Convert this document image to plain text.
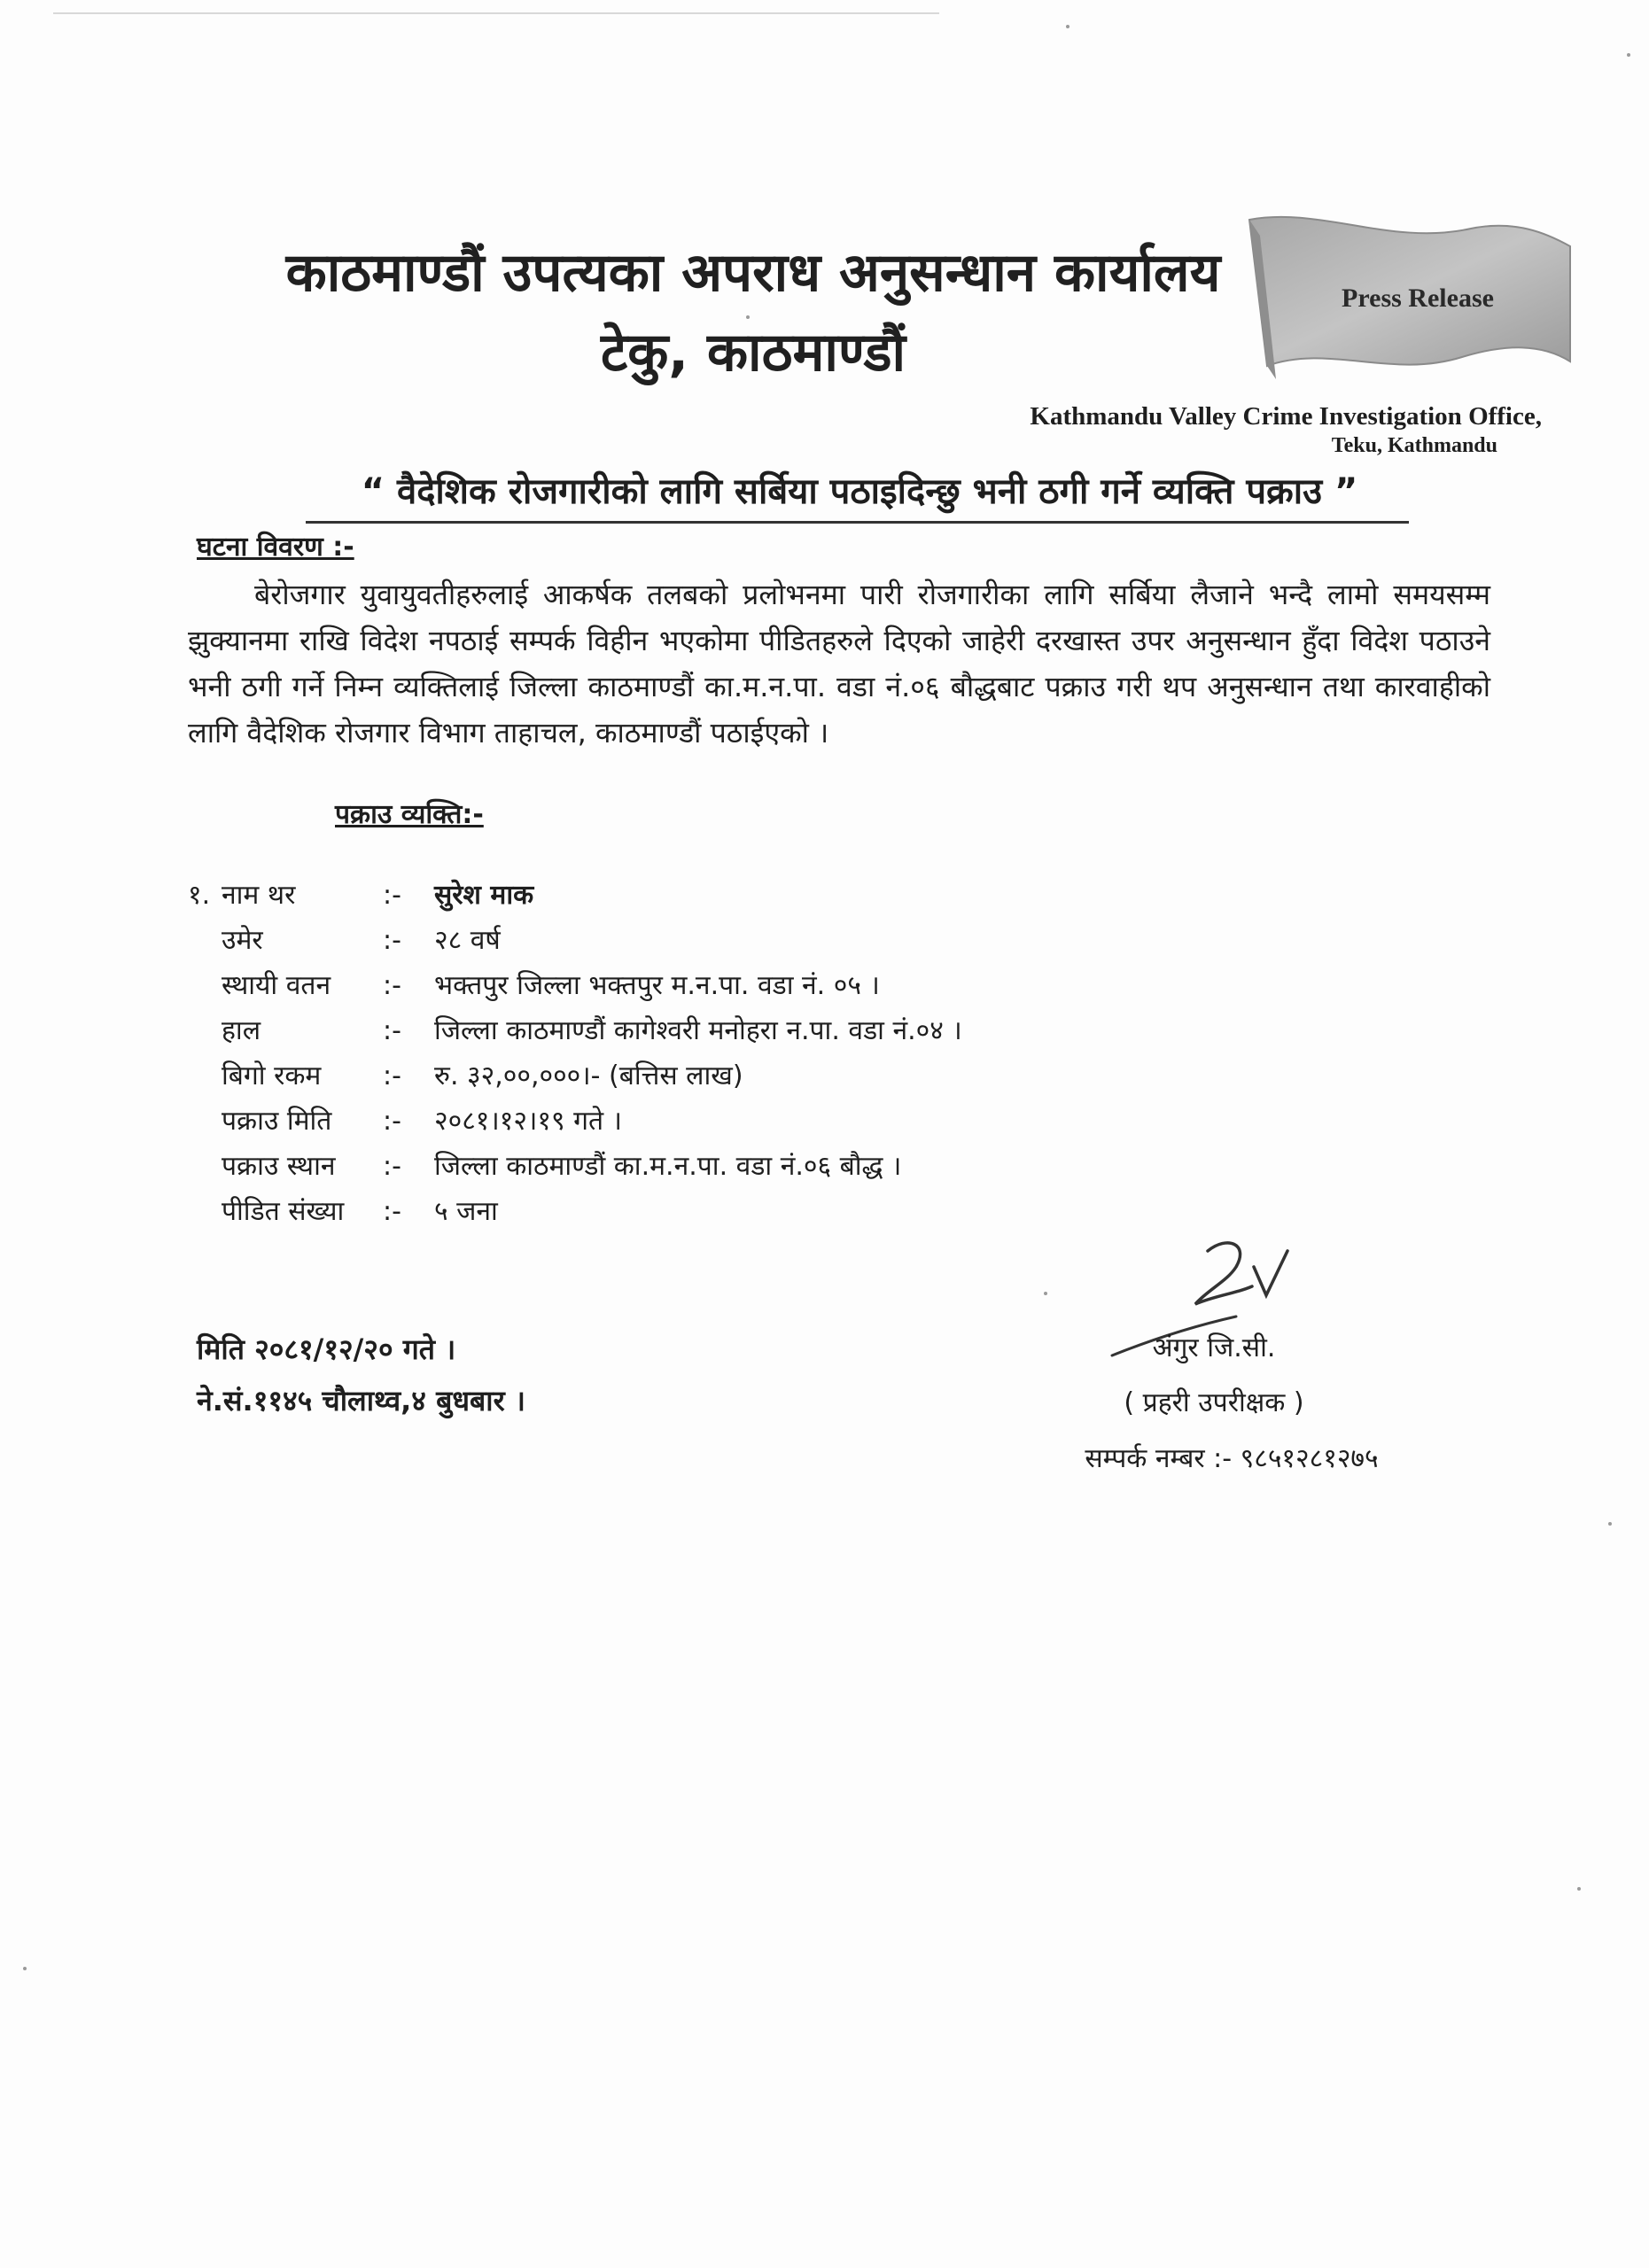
काठमाण्डौं उपत्यका अपराध अनुसन्धान कार्यालय
टेकु, काठमाण्डौं
Press Release
Kathmandu Valley Crime Investigation Office,
Teku, Kathmandu
“ वैदेशिक रोजगारीको लागि सर्बिया पठाइदिन्छु भनी ठगी गर्ने व्यक्ति पक्राउ ”
घटना विवरण :-
बेरोजगार युवायुवतीहरुलाई आकर्षक तलबको प्रलोभनमा पारी रोजगारीका लागि सर्बिया लैजाने भन्दै लामो समयसम्म झुक्यानमा राखि विदेश नपठाई सम्पर्क विहीन भएकोमा पीडितहरुले दिएको जाहेरी दरखास्त उपर अनुसन्धान हुँदा विदेश पठाउने भनी ठगी गर्ने निम्न व्यक्तिलाई जिल्ला काठमाण्डौं का.म.न.पा. वडा नं.०६ बौद्धबाट पक्राउ गरी थप अनुसन्धान तथा कारवाहीको लागि वैदेशिक रोजगार विभाग ताहाचल, काठमाण्डौं पठाईएको ।
पक्राउ व्यक्ति:-
१. नाम थर	:-	सुरेश माक
उमेर	:-	२८ वर्ष
स्थायी वतन	:-	भक्तपुर जिल्ला भक्तपुर म.न.पा. वडा नं. ०५ ।
हाल	:-	जिल्ला काठमाण्डौं कागेश्वरी मनोहरा न.पा. वडा नं.०४ ।
बिगो रकम	:-	रु. ३२,००,०००।- (बत्तिस लाख)
पक्राउ मिति	:-	२०८१।१२।१९ गते ।
पक्राउ स्थान	:-	जिल्ला काठमाण्डौं का.म.न.पा. वडा नं.०६ बौद्ध ।
पीडित संख्या	:-	५ जना
मिति २०८१/१२/२० गते ।
ने.सं.११४५ चौलाथ्व,४ बुधबार ।
अंगुर जि.सी.
( प्रहरी उपरीक्षक )
सम्पर्क नम्बर :- ९८५१२८१२७५
